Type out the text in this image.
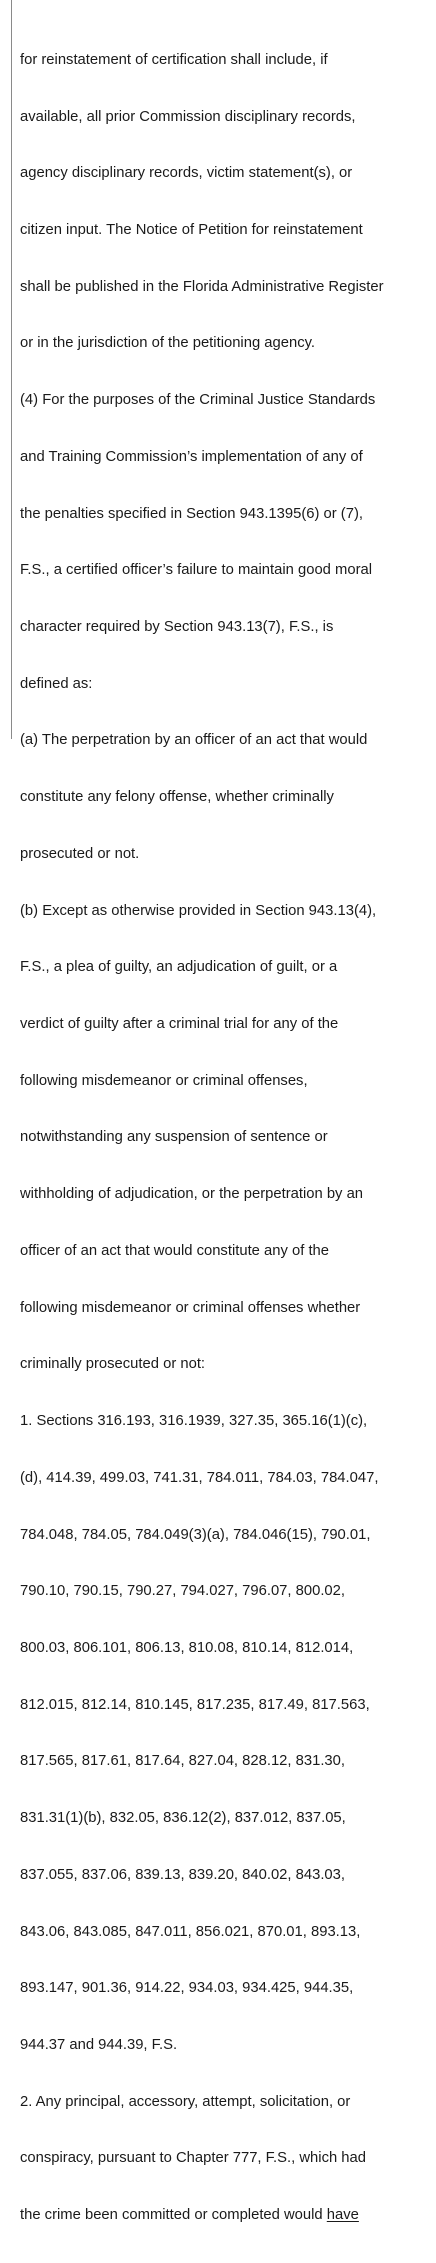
for reinstatement of certification shall include, if

available, all prior Commission disciplinary records,

agency disciplinary records, victim statement(s), or

citizen input. The Notice of Petition for reinstatement

shall be published in the Florida Administrative Register

or in the jurisdiction of the petitioning agency.

(4) For the purposes of the Criminal Justice Standards

and Training Commission’s implementation of any of

the penalties specified in Section 943.1395(6) or (7),

F.S., a certified officer’s failure to maintain good moral

character required by Section 943.13(7), F.S., is

defined as:

(a) The perpetration by an officer of an act that would

constitute any felony offense, whether criminally

prosecuted or not.

(b) Except as otherwise provided in Section 943.13(4),

F.S., a plea of guilty, an adjudication of guilt, or a

verdict of guilty after a criminal trial for any of the

following misdemeanor or criminal offenses,

notwithstanding any suspension of sentence or

withholding of adjudication, or the perpetration by an

officer of an act that would constitute any of the

following misdemeanor or criminal offenses whether

criminally prosecuted or not:

1. Sections 316.193, 316.1939, 327.35, 365.16(1)(c),

(d), 414.39, 499.03, 741.31, 784.011, 784.03, 784.047,

784.048, 784.05, 784.049(3)(a), 784.046(15), 790.01,

790.10, 790.15, 790.27, 794.027, 796.07, 800.02,

800.03, 806.101, 806.13, 810.08, 810.14, 812.014,

812.015, 812.14, 810.145, 817.235, 817.49, 817.563,

817.565, 817.61, 817.64, 827.04, 828.12, 831.30,

831.31(1)(b), 832.05, 836.12(2), 837.012, 837.05,

837.055, 837.06, 839.13, 839.20, 840.02, 843.03,

843.06, 843.085, 847.011, 856.021, 870.01, 893.13,

893.147, 901.36, 914.22, 934.03, 934.425, 944.35,

944.37 and 944.39, F.S.

2. Any principal, accessory, attempt, solicitation, or

conspiracy, pursuant to Chapter 777, F.S., which had

the crime been committed or completed would have
